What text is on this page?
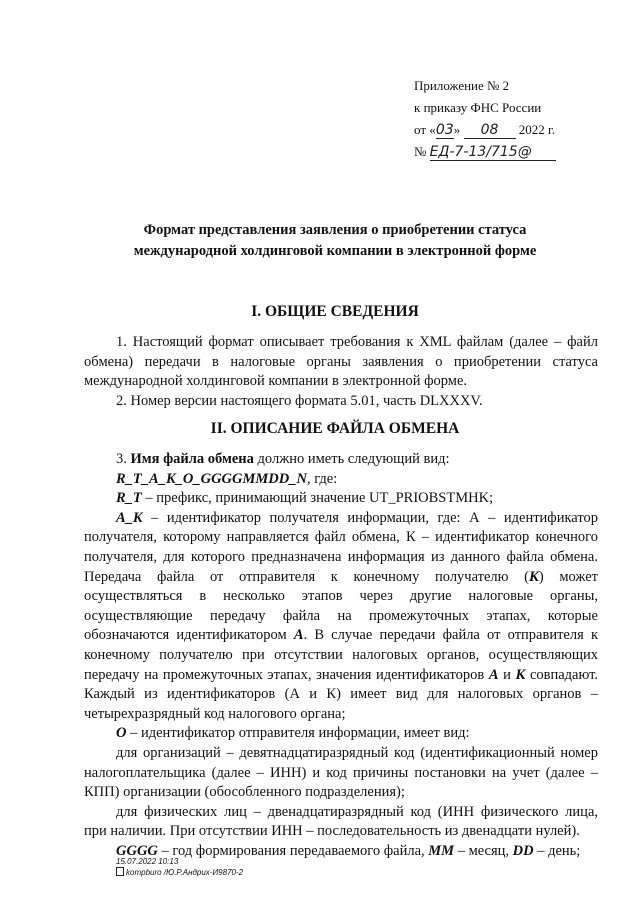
Приложение № 2
к приказу ФНС России
от «03» 08 2022 г.
№ ЕД-7-13/715@
Формат представления заявления о приобретении статуса
международной холдинговой компании в электронной форме
I. ОБЩИЕ СВЕДЕНИЯ

1. Настоящий формат описывает требования к XML файлам (далее – файл обмена) передачи в налоговые органы заявления о приобретении статуса международной холдинговой компании в электронной форме.

2. Номер версии настоящего формата 5.01, часть DLXXXV.

II. ОПИСАНИЕ ФАЙЛА ОБМЕНА

3. Имя файла обмена должно иметь следующий вид:

R_T_A_K_O_GGGGMMDD_N, где:

R_T – префикс, принимающий значение UT_PRIOBSTMHK;

A_K – идентификатор получателя информации, где: А – идентификатор получателя, которому направляется файл обмена, К – идентификатор конечного получателя, для которого предназначена информация из данного файла обмена. Передача файла от отправителя к конечному получателю (К) может осуществляться в несколько этапов через другие налоговые органы, осуществляющие передачу файла на промежуточных этапах, которые обозначаются идентификатором А. В случае передачи файла от отправителя к конечному получателю при отсутствии налоговых органов, осуществляющих передачу на промежуточных этапах, значения идентификаторов А и К совпадают. Каждый из идентификаторов (А и К) имеет вид для налоговых органов – четырехразрядный код налогового органа;

O – идентификатор отправителя информации, имеет вид:

для организаций – девятнадцатиразрядный код (идентификационный номер налогоплательщика (далее – ИНН) и код причины постановки на учет (далее – КПП) организации (обособленного подразделения);

для физических лиц – двенадцатиразрядный код (ИНН физического лица, при наличии. При отсутствии ИНН – последовательность из двенадцати нулей).

GGGG – год формирования передаваемого файла, MM – месяц, DD – день;

15.07.2022 10:13
kompburo /Ю.Р.Андрих-И9870-2
